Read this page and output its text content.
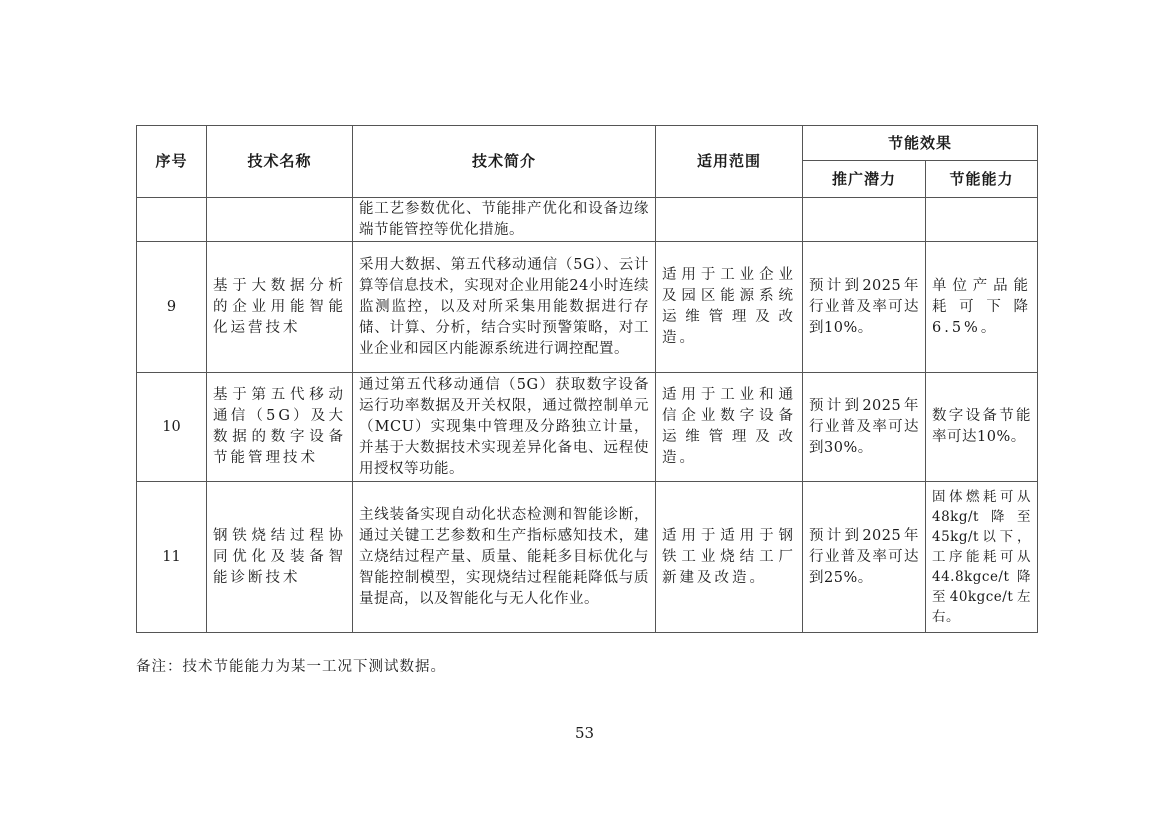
序号	技术名称	技术简介	适用范围	节能效果	
				推广潜力	节能能力
		能工艺参数优化、节能排产优化和设备边缘端节能管控等优化措施。			
9	基于大数据分析的企业用能智能化运营技术	采用大数据、第五代移动通信（5G）、云计算等信息技术，实现对企业用能24小时连续监测监控，以及对所采集用能数据进行存储、计算、分析，结合实时预警策略，对工业企业和园区内能源系统进行调控配置。	适用于工业企业及园区能源系统运维管理及改造。	预计到2025年行业普及率可达到10%。	单位产品能耗可下降6.5%。
10	基于第五代移动通信（5G）及大数据的数字设备节能管理技术	通过第五代移动通信（5G）获取数字设备运行功率数据及开关权限，通过微控制单元（MCU）实现集中管理及分路独立计量，并基于大数据技术实现差异化备电、远程使用授权等功能。	适用于工业和通信企业数字设备运维管理及改造。	预计到2025年行业普及率可达到30%。	数字设备节能率可达10%。
11	钢铁烧结过程协同优化及装备智能诊断技术	主线装备实现自动化状态检测和智能诊断，通过关键工艺参数和生产指标感知技术，建立烧结过程产量、质量、能耗多目标优化与智能控制模型，实现烧结过程能耗降低与质量提高，以及智能化与无人化作业。	适用于适用于钢铁工业烧结工厂新建及改造。	预计到2025年行业普及率可达到25%。	固体燃耗可从48kg/t降至45kg/t以下，工序能耗可从44.8kgce/t降至40kgce/t左右。
备注：技术节能能力为某一工况下测试数据。
53
